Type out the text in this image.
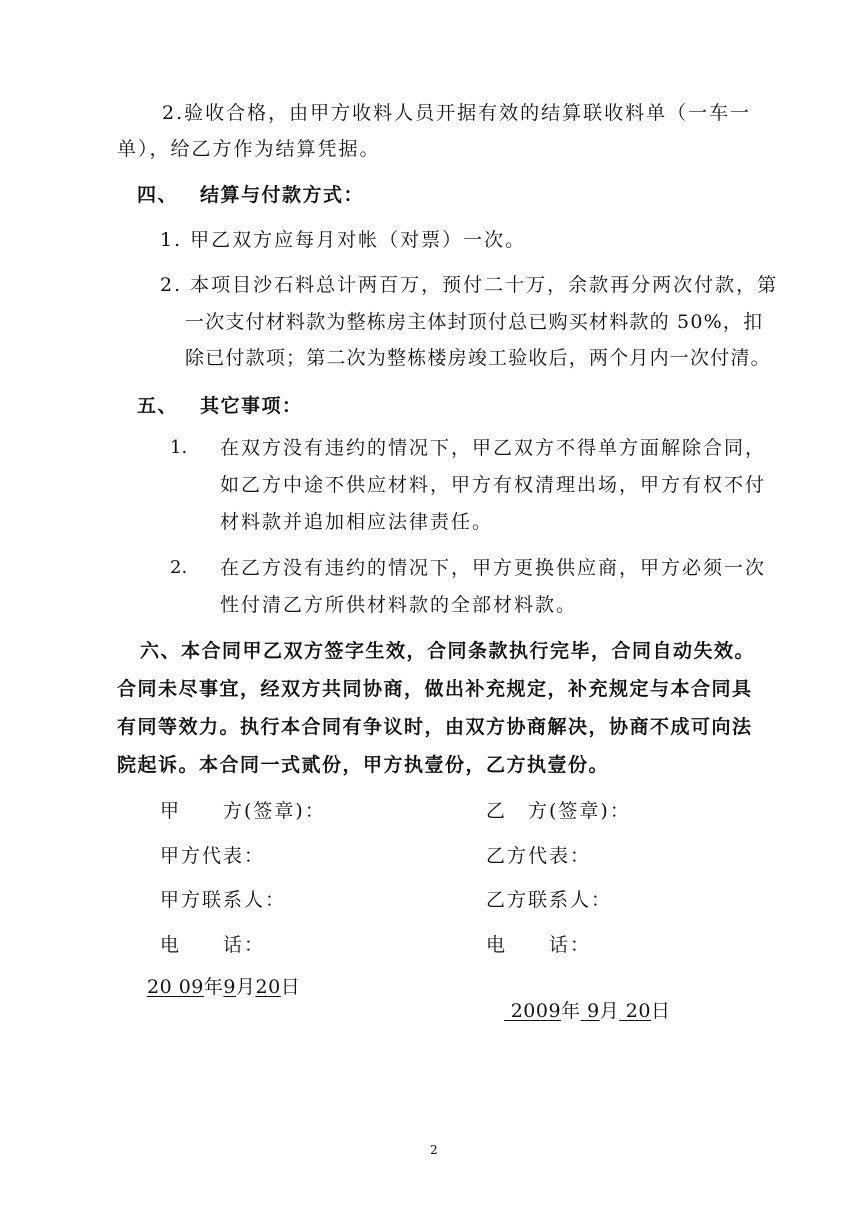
2.验收合格，由甲方收料人员开据有效的结算联收料单（一车一
单），给乙方作为结算凭据。
四、 结算与付款方式：
1. 甲乙双方应每月对帐（对票）一次。
2. 本项目沙石料总计两百万，预付二十万，余款再分两次付款，第
一次支付材料款为整栋房主体封顶付总已购买材料款的 50%，扣
除已付款项；第二次为整栋楼房竣工验收后，两个月内一次付清。
五、 其它事项：
1. 在双方没有违约的情况下，甲乙双方不得单方面解除合同，
如乙方中途不供应材料，甲方有权清理出场，甲方有权不付
材料款并追加相应法律责任。
2. 在乙方没有违约的情况下，甲方更换供应商，甲方必须一次
性付清乙方所供材料款的全部材料款。
六、本合同甲乙双方签字生效，合同条款执行完毕，合同自动失效。
合同未尽事宜，经双方共同协商，做出补充规定，补充规定与本合同具
有同等效力。执行本合同有争议时，由双方协商解决，协商不成可向法
院起诉。本合同一式贰份，甲方执壹份，乙方执壹份。
甲　　方(签章)：
甲方代表：
甲方联系人：
电　　话：
20 09年9月20日
乙　方(签章)：
乙方代表：
乙方联系人：
电　　话：

2009年 9月 20日

2
